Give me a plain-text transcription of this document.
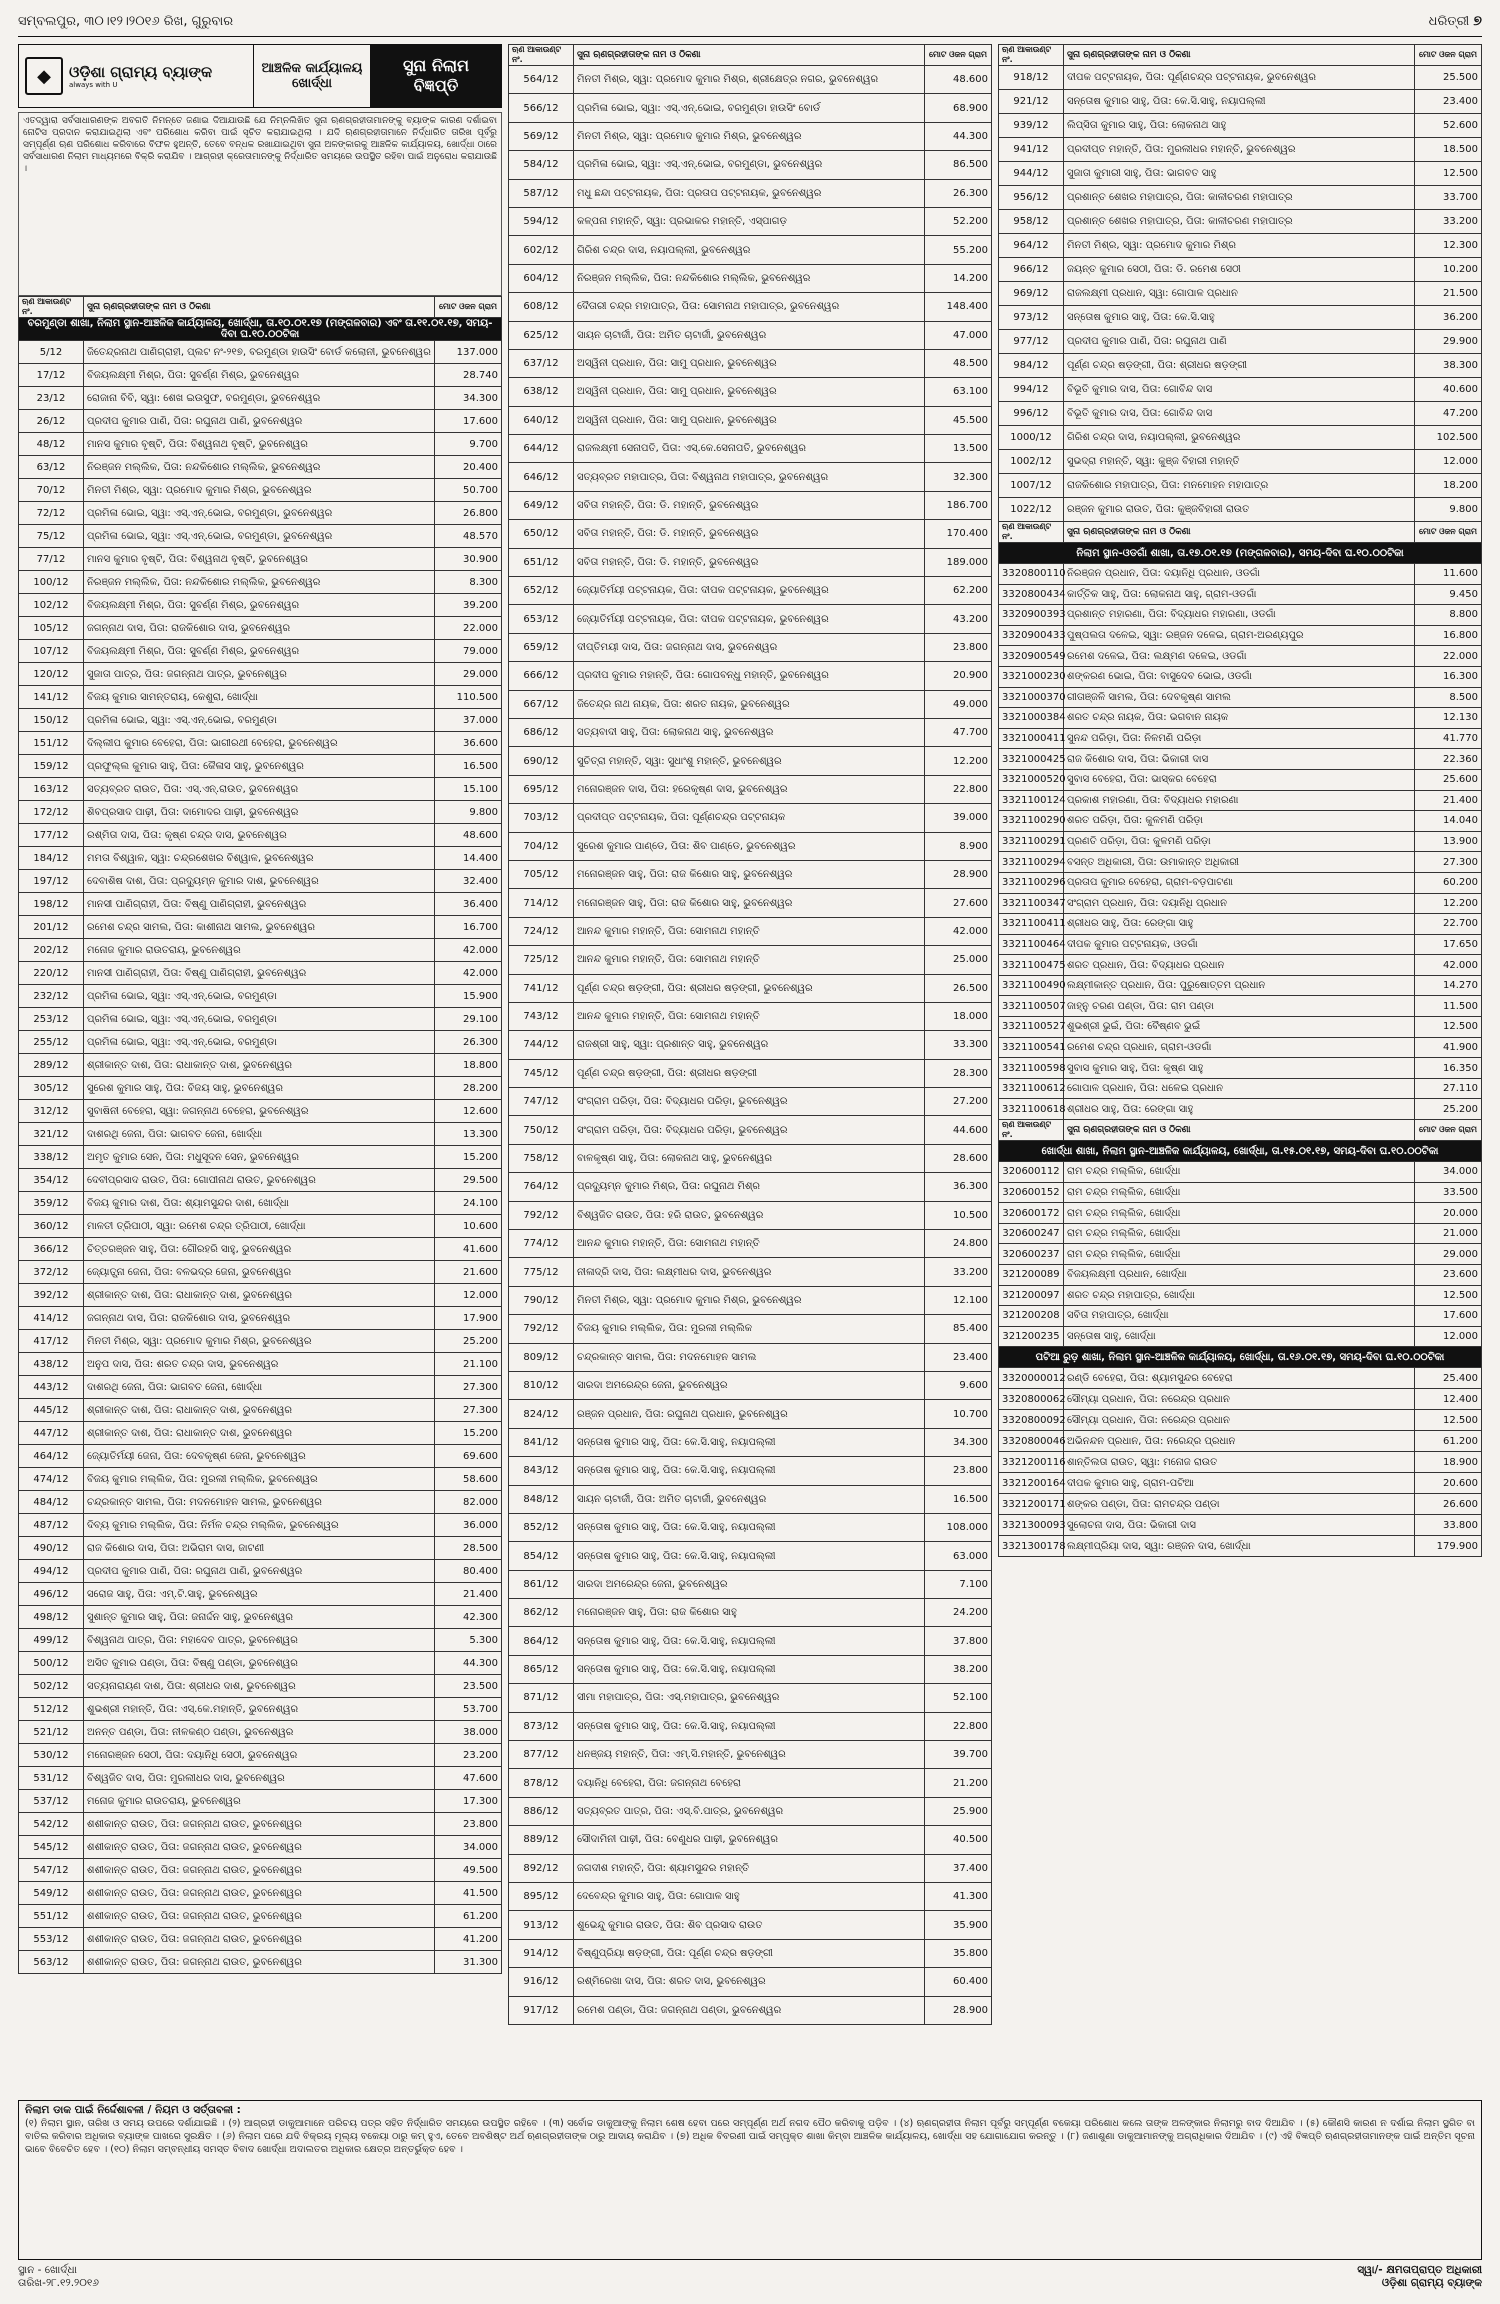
ସମ୍ବଲପୁର, ୩୦।୧୨।୨୦୧୬ ରିଖ, ଗୁରୁବାର	ଧରିତ୍ରୀ ୭
◆	ଓଡ଼ିଶା ଗ୍ରାମ୍ୟ ବ୍ୟାଙ୍କ
always with U
ଆଞ୍ଚଳିକ କାର୍ଯ୍ୟାଳୟ
ଖୋର୍ଦ୍ଧା
ସୁନା ନିଲାମ
ବିଜ୍ଞପ୍ତି
ଏତଦ୍ୱାରା ସର୍ବସାଧାରଣଙ୍କ ଅବଗତି ନିମନ୍ତେ ଜଣାଇ ଦିଆଯାଉଛି ଯେ ନିମ୍ନଲିଖିତ ସୁନା ଋଣଗ୍ରହୀତାମାନଙ୍କୁ ବ୍ୟାଙ୍କ କାରଣ ଦର୍ଶାଇବା ନୋଟିସ ପ୍ରଦାନ କରାଯାଇଥିଲା ଏବଂ ପରିଶୋଧ କରିବା ପାଇଁ ସୂଚିତ କରାଯାଇଥିଲା । ଯଦି ଋଣଗ୍ରହୀତାମାନେ ନିର୍ଦ୍ଧାରିତ ତାରିଖ ପୂର୍ବରୁ ସମ୍ପୂର୍ଣ୍ଣ ଋଣ ପରିଶୋଧ କରିବାରେ ବିଫଳ ହୁଅନ୍ତି, ତେବେ ବନ୍ଧକ ରଖାଯାଇଥିବା ସୁନା ଅଳଙ୍କାରକୁ ଆଞ୍ଚଳିକ କାର୍ଯ୍ୟାଳୟ, ଖୋର୍ଦ୍ଧା ଠାରେ ସର୍ବସାଧାରଣ ନିଲାମ ମାଧ୍ୟମରେ ବିକ୍ରି କରାଯିବ । ଆଗ୍ରହୀ କ୍ରେତାମାନଙ୍କୁ ନିର୍ଦ୍ଧାରିତ ସମୟରେ ଉପସ୍ଥିତ ରହିବା ପାଇଁ ଅନୁରୋଧ କରାଯାଉଛି ।
ଋଣ ଆକାଉଣ୍ଟ ନଂ.	ସୁନା ଋଣଗ୍ରହୀତାଙ୍କ ନାମ ଓ ଠିକଣା	ମୋଟ ଓଜନ ଗ୍ରାମ
ବରମୁଣ୍ଡା ଶାଖା, ନିଲାମ ସ୍ଥାନ-ଆଞ୍ଚଳିକ କାର୍ଯ୍ୟାଳୟ, ଖୋର୍ଦ୍ଧା, ତା.୧୦.୦୧.୧୭ (ମଙ୍ଗଳବାର) ଏବଂ ତା.୧୧.୦୧.୧୭, ସମୟ-ଦିବା ଘ.୧୦.୦୦ଟିକା		
5/12	ଜିତେନ୍ଦ୍ରନାଥ ପାଣିଗ୍ରାହୀ, ପ୍ଲଟ ନଂ-୨୧୭, ବରମୁଣ୍ଡା ହାଉସିଂ ବୋର୍ଡ କଲୋନୀ, ଭୁବନେଶ୍ୱର	137.000
17/12	ବିଜୟଲକ୍ଷ୍ମୀ ମିଶ୍ର, ପିତା: ସୁବର୍ଣ୍ଣ ମିଶ୍ର, ଭୁବନେଶ୍ୱର	28.740
23/12	ରୋଜାନା ବିବି, ସ୍ୱା: ଶେଖ ଇଉସୁଫ, ବରମୁଣ୍ଡା, ଭୁବନେଶ୍ୱର	34.300
26/12	ପ୍ରଦୀପ କୁମାର ପାଣି, ପିତା: ରଘୁନାଥ ପାଣି, ଭୁବନେଶ୍ୱର	17.600
48/12	ମାନସ କୁମାର ବୃଷ୍ଟି, ପିତା: ବିଶ୍ୱନାଥ ବୃଷ୍ଟି, ଭୁବନେଶ୍ୱର	9.700
63/12	ନିରଞ୍ଜନ ମଲ୍ଲିକ, ପିତା: ନନ୍ଦକିଶୋର ମଲ୍ଲିକ, ଭୁବନେଶ୍ୱର	20.400
70/12	ମିନତୀ ମିଶ୍ର, ସ୍ୱା: ପ୍ରମୋଦ କୁମାର ମିଶ୍ର, ଭୁବନେଶ୍ୱର	50.700
72/12	ପ୍ରମିଳା ଭୋଇ, ସ୍ୱା: ଏସ୍.ଏନ୍.ଭୋଇ, ବରମୁଣ୍ଡା, ଭୁବନେଶ୍ୱର	26.800
75/12	ପ୍ରମିଳା ଭୋଇ, ସ୍ୱା: ଏସ୍.ଏନ୍.ଭୋଇ, ବରମୁଣ୍ଡା, ଭୁବନେଶ୍ୱର	48.570
77/12	ମାନସ କୁମାର ବୃଷ୍ଟି, ପିତା: ବିଶ୍ୱନାଥ ବୃଷ୍ଟି, ଭୁବନେଶ୍ୱର	30.900
100/12	ନିରଞ୍ଜନ ମଲ୍ଲିକ, ପିତା: ନନ୍ଦକିଶୋର ମଲ୍ଲିକ, ଭୁବନେଶ୍ୱର	8.300
102/12	ବିଜୟଲକ୍ଷ୍ମୀ ମିଶ୍ର, ପିତା: ସୁବର୍ଣ୍ଣ ମିଶ୍ର, ଭୁବନେଶ୍ୱର	39.200
105/12	ଜଗନ୍ନାଥ ଦାସ, ପିତା: ରାଜକିଶୋର ଦାସ, ଭୁବନେଶ୍ୱର	22.000
107/12	ବିଜୟଲକ୍ଷ୍ମୀ ମିଶ୍ର, ପିତା: ସୁବର୍ଣ୍ଣ ମିଶ୍ର, ଭୁବନେଶ୍ୱର	79.000
120/12	ସୁଜାତା ପାତ୍ର, ପିତା: ଜଗନ୍ନାଥ ପାତ୍ର, ଭୁବନେଶ୍ୱର	29.000
141/12	ବିଜୟ କୁମାର ସାମନ୍ତରାୟ, କେଶୁରା, ଖୋର୍ଦ୍ଧା	110.500
150/12	ପ୍ରମିଳା ଭୋଇ, ସ୍ୱା: ଏସ୍.ଏନ୍.ଭୋଇ, ବରମୁଣ୍ଡା	37.000
151/12	ଦିଲ୍ଲୀପ କୁମାର ବେହେରା, ପିତା: ଭାଗୀରଥୀ ବେହେରା, ଭୁବନେଶ୍ୱର	36.600
159/12	ପ୍ରଫୁଲ୍ଲ କୁମାର ସାହୁ, ପିତା: କୈଳାସ ସାହୁ, ଭୁବନେଶ୍ୱର	16.500
163/12	ସତ୍ୟବ୍ରତ ରାଉତ, ପିତା: ଏସ୍.ଏନ୍.ରାଉତ, ଭୁବନେଶ୍ୱର	15.100
172/12	ଶିବପ୍ରସାଦ ପାଢ଼ୀ, ପିତା: ଦାମୋଦର ପାଢ଼ୀ, ଭୁବନେଶ୍ୱର	9.800
177/12	ରଶ୍ମିତା ଦାସ, ପିତା: କୃଷ୍ଣ ଚନ୍ଦ୍ର ଦାସ, ଭୁବନେଶ୍ୱର	48.600
184/12	ମମତା ବିଶ୍ୱାଳ, ସ୍ୱା: ଚନ୍ଦ୍ରଶେଖର ବିଶ୍ୱାଳ, ଭୁବନେଶ୍ୱର	14.400
197/12	ଦେବାଶିଷ ଦାଶ, ପିତା: ପ୍ରଦ୍ୟୁମ୍ନ କୁମାର ଦାଶ, ଭୁବନେଶ୍ୱର	32.400
198/12	ମାନସୀ ପାଣିଗ୍ରାହୀ, ପିତା: ବିଷ୍ଣୁ ପାଣିଗ୍ରାହୀ, ଭୁବନେଶ୍ୱର	36.400
201/12	ରମେଶ ଚନ୍ଦ୍ର ସାମଲ, ପିତା: କାଶୀନାଥ ସାମଲ, ଭୁବନେଶ୍ୱର	16.700
202/12	ମନୋଜ କୁମାର ରାଉତରାୟ, ଭୁବନେଶ୍ୱର	42.000
220/12	ମାନସୀ ପାଣିଗ୍ରାହୀ, ପିତା: ବିଷ୍ଣୁ ପାଣିଗ୍ରାହୀ, ଭୁବନେଶ୍ୱର	42.000
232/12	ପ୍ରମିଳା ଭୋଇ, ସ୍ୱା: ଏସ୍.ଏନ୍.ଭୋଇ, ବରମୁଣ୍ଡା	15.900
253/12	ପ୍ରମିଳା ଭୋଇ, ସ୍ୱା: ଏସ୍.ଏନ୍.ଭୋଇ, ବରମୁଣ୍ଡା	29.100
255/12	ପ୍ରମିଳା ଭୋଇ, ସ୍ୱା: ଏସ୍.ଏନ୍.ଭୋଇ, ବରମୁଣ୍ଡା	26.300
289/12	ଶ୍ରୀକାନ୍ତ ଦାଶ, ପିତା: ରାଧାକାନ୍ତ ଦାଶ, ଭୁବନେଶ୍ୱର	18.800
305/12	ସୁରେଶ କୁମାର ସାହୁ, ପିତା: ବିଜୟ ସାହୁ, ଭୁବନେଶ୍ୱର	28.200
312/12	ସୁବାଷିନୀ ବେହେରା, ସ୍ୱା: ଜଗନ୍ନାଥ ବେହେରା, ଭୁବନେଶ୍ୱର	12.600
321/12	ଦାଶରଥି ଜେନା, ପିତା: ଭାଗବତ ଜେନା, ଖୋର୍ଦ୍ଧା	13.300
338/12	ଅମୃତ କୁମାର ସେନ, ପିତା: ମଧୁସୂଦନ ସେନ, ଭୁବନେଶ୍ୱର	15.200
354/12	ଦେବୀପ୍ରସାଦ ରାଉତ, ପିତା: ଗୋପୀନାଥ ରାଉତ, ଭୁବନେଶ୍ୱର	29.500
359/12	ବିଜୟ କୁମାର ଦାଶ, ପିତା: ଶ୍ୟାମସୁନ୍ଦର ଦାଶ, ଖୋର୍ଦ୍ଧା	24.100
360/12	ମାଳତୀ ତ୍ରିପାଠୀ, ସ୍ୱା: ରମେଶ ଚନ୍ଦ୍ର ତ୍ରିପାଠୀ, ଖୋର୍ଦ୍ଧା	10.600
366/12	ଚିତ୍ତରଞ୍ଜନ ସାହୁ, ପିତା: ଗୌରହରି ସାହୁ, ଭୁବନେଶ୍ୱର	41.600
372/12	ଜ୍ୟୋତ୍ସ୍ନା ଜେନା, ପିତା: ବଳଭଦ୍ର ଜେନା, ଭୁବନେଶ୍ୱର	21.600
392/12	ଶ୍ରୀକାନ୍ତ ଦାଶ, ପିତା: ରାଧାକାନ୍ତ ଦାଶ, ଭୁବନେଶ୍ୱର	12.000
414/12	ଜଗନ୍ନାଥ ଦାସ, ପିତା: ରାଜକିଶୋର ଦାସ, ଭୁବନେଶ୍ୱର	17.900
417/12	ମିନତୀ ମିଶ୍ର, ସ୍ୱା: ପ୍ରମୋଦ କୁମାର ମିଶ୍ର, ଭୁବନେଶ୍ୱର	25.200
438/12	ଅନୁପ ଦାସ, ପିତା: ଶରତ ଚନ୍ଦ୍ର ଦାସ, ଭୁବନେଶ୍ୱର	21.100
443/12	ଦାଶରଥି ଜେନା, ପିତା: ଭାଗବତ ଜେନା, ଖୋର୍ଦ୍ଧା	27.300
445/12	ଶ୍ରୀକାନ୍ତ ଦାଶ, ପିତା: ରାଧାକାନ୍ତ ଦାଶ, ଭୁବନେଶ୍ୱର	27.300
447/12	ଶ୍ରୀକାନ୍ତ ଦାଶ, ପିତା: ରାଧାକାନ୍ତ ଦାଶ, ଭୁବନେଶ୍ୱର	15.200
464/12	ଜ୍ୟୋତିର୍ମୟୀ ଜେନା, ପିତା: ଦେବକୃଷ୍ଣ ଜେନା, ଭୁବନେଶ୍ୱର	69.600
474/12	ବିଜୟ କୁମାର ମଲ୍ଲିକ, ପିତା: ମୁରଲୀ ମଲ୍ଲିକ, ଭୁବନେଶ୍ୱର	58.600
484/12	ଚନ୍ଦ୍ରକାନ୍ତ ସାମଲ, ପିତା: ମଦନମୋହନ ସାମଲ, ଭୁବନେଶ୍ୱର	82.000
487/12	ଦିବ୍ୟ କୁମାର ମଲ୍ଲିକ, ପିତା: ନିର୍ମଳ ଚନ୍ଦ୍ର ମଲ୍ଲିକ, ଭୁବନେଶ୍ୱର	36.000
490/12	ରାଜ କିଶୋର ଦାସ, ପିତା: ଅଭିରାମ ଦାସ, ଜାଟଣୀ	28.500
494/12	ପ୍ରଦୀପ କୁମାର ପାଣି, ପିତା: ରଘୁନାଥ ପାଣି, ଭୁବନେଶ୍ୱର	80.400
496/12	ସରୋଜ ସାହୁ, ପିତା: ଏମ୍.ଟି.ସାହୁ, ଭୁବନେଶ୍ୱର	21.400
498/12	ସୁଶାନ୍ତ କୁମାର ସାହୁ, ପିତା: ଜନାର୍ଦ୍ଦନ ସାହୁ, ଭୁବନେଶ୍ୱର	42.300
499/12	ବିଶ୍ୱନାଥ ପାତ୍ର, ପିତା: ମହାଦେବ ପାତ୍ର, ଭୁବନେଶ୍ୱର	5.300
500/12	ଅସିତ କୁମାର ପଣ୍ଡା, ପିତା: ବିଷ୍ଣୁ ପଣ୍ଡା, ଭୁବନେଶ୍ୱର	44.300
502/12	ସତ୍ୟନାରାୟଣ ଦାଶ, ପିତା: ଶ୍ରୀଧର ଦାଶ, ଭୁବନେଶ୍ୱର	23.500
512/12	ଶୁଭଶ୍ରୀ ମହାନ୍ତି, ପିତା: ଏସ୍.କେ.ମହାନ୍ତି, ଭୁବନେଶ୍ୱର	53.700
521/12	ଅନନ୍ତ ପଣ୍ଡା, ପିତା: ନୀଳକଣ୍ଠ ପଣ୍ଡା, ଭୁବନେଶ୍ୱର	38.000
530/12	ମନୋରଞ୍ଜନ ସେଠୀ, ପିତା: ଦୟାନିଧି ସେଠୀ, ଭୁବନେଶ୍ୱର	23.200
531/12	ବିଶ୍ୱଜିତ ଦାସ, ପିତା: ମୁରଲୀଧର ଦାସ, ଭୁବନେଶ୍ୱର	47.600
537/12	ମନୋଜ କୁମାର ରାଉତରାୟ, ଭୁବନେଶ୍ୱର	17.300
542/12	ଶଶୀକାନ୍ତ ରାଉତ, ପିତା: ଜଗନ୍ନାଥ ରାଉତ, ଭୁବନେଶ୍ୱର	23.800
545/12	ଶଶୀକାନ୍ତ ରାଉତ, ପିତା: ଜଗନ୍ନାଥ ରାଉତ, ଭୁବନେଶ୍ୱର	34.000
547/12	ଶଶୀକାନ୍ତ ରାଉତ, ପିତା: ଜଗନ୍ନାଥ ରାଉତ, ଭୁବନେଶ୍ୱର	49.500
549/12	ଶଶୀକାନ୍ତ ରାଉତ, ପିତା: ଜଗନ୍ନାଥ ରାଉତ, ଭୁବନେଶ୍ୱର	41.500
551/12	ଶଶୀକାନ୍ତ ରାଉତ, ପିତା: ଜଗନ୍ନାଥ ରାଉତ, ଭୁବନେଶ୍ୱର	61.200
553/12	ଶଶୀକାନ୍ତ ରାଉତ, ପିତା: ଜଗନ୍ନାଥ ରାଉତ, ଭୁବନେଶ୍ୱର	41.200
563/12	ଶଶୀକାନ୍ତ ରାଉତ, ପିତା: ଜଗନ୍ନାଥ ରାଉତ, ଭୁବନେଶ୍ୱର	31.300
ଋଣ ଆକାଉଣ୍ଟ ନଂ.	ସୁନା ଋଣଗ୍ରହୀତାଙ୍କ ନାମ ଓ ଠିକଣା	ମୋଟ ଓଜନ ଗ୍ରାମ
564/12	ମିନତୀ ମିଶ୍ର, ସ୍ୱା: ପ୍ରମୋଦ କୁମାର ମିଶ୍ର, ଶ୍ରୀକ୍ଷେତ୍ର ନଗର, ଭୁବନେଶ୍ୱର	48.600
566/12	ପ୍ରମିଳା ଭୋଇ, ସ୍ୱା: ଏସ୍.ଏନ୍.ଭୋଇ, ବରମୁଣ୍ଡା ହାଉସିଂ ବୋର୍ଡ	68.900
569/12	ମିନତୀ ମିଶ୍ର, ସ୍ୱା: ପ୍ରମୋଦ କୁମାର ମିଶ୍ର, ଭୁବନେଶ୍ୱର	44.300
584/12	ପ୍ରମିଳା ଭୋଇ, ସ୍ୱା: ଏସ୍.ଏନ୍.ଭୋଇ, ବରମୁଣ୍ଡା, ଭୁବନେଶ୍ୱର	86.500
587/12	ମଧୁ ଛନ୍ଦା ପଟ୍ଟନାୟକ, ପିତା: ପ୍ରତାପ ପଟ୍ଟନାୟକ, ଭୁବନେଶ୍ୱର	26.300
594/12	କଳ୍ପନା ମହାନ୍ତି, ସ୍ୱା: ପ୍ରଭାକର ମହାନ୍ତି, ଏସ୍ପାଗଡ଼	52.200
602/12	ଗିରିଶ ଚନ୍ଦ୍ର ଦାସ, ନୟାପଲ୍ଲୀ, ଭୁବନେଶ୍ୱର	55.200
604/12	ନିରଞ୍ଜନ ମଲ୍ଲିକ, ପିତା: ନନ୍ଦକିଶୋର ମଲ୍ଲିକ, ଭୁବନେଶ୍ୱର	14.200
608/12	ଦୈତାରୀ ଚନ୍ଦ୍ର ମହାପାତ୍ର, ପିତା: ସୋମନାଥ ମହାପାତ୍ର, ଭୁବନେଶ୍ୱର	148.400
625/12	ସାୟନ ଚାଟାର୍ଜୀ, ପିତା: ଅମିତ ଚାଟାର୍ଜୀ, ଭୁବନେଶ୍ୱର	47.000
637/12	ଅସ୍ୱିନୀ ପ୍ରଧାନ, ପିତା: ସାମୁ ପ୍ରଧାନ, ଭୁବନେଶ୍ୱର	48.500
638/12	ଅସ୍ୱିନୀ ପ୍ରଧାନ, ପିତା: ସାମୁ ପ୍ରଧାନ, ଭୁବନେଶ୍ୱର	63.100
640/12	ଅସ୍ୱିନୀ ପ୍ରଧାନ, ପିତା: ସାମୁ ପ୍ରଧାନ, ଭୁବନେଶ୍ୱର	45.500
644/12	ରାଜଲକ୍ଷ୍ମୀ ସେନାପତି, ପିତା: ଏସ୍.କେ.ସେନାପତି, ଭୁବନେଶ୍ୱର	13.500
646/12	ସତ୍ୟବ୍ରତ ମହାପାତ୍ର, ପିତା: ବିଶ୍ୱନାଥ ମହାପାତ୍ର, ଭୁବନେଶ୍ୱର	32.300
649/12	ସବିତା ମହାନ୍ତି, ପିତା: ଡି. ମହାନ୍ତି, ଭୁବନେଶ୍ୱର	186.700
650/12	ସବିତା ମହାନ୍ତି, ପିତା: ଡି. ମହାନ୍ତି, ଭୁବନେଶ୍ୱର	170.400
651/12	ସବିତା ମହାନ୍ତି, ପିତା: ଡି. ମହାନ୍ତି, ଭୁବନେଶ୍ୱର	189.000
652/12	ଜ୍ୟୋତିର୍ମୟୀ ପଟ୍ଟନାୟକ, ପିତା: ଦୀପକ ପଟ୍ଟନାୟକ, ଭୁବନେଶ୍ୱର	62.200
653/12	ଜ୍ୟୋତିର୍ମୟୀ ପଟ୍ଟନାୟକ, ପିତା: ଦୀପକ ପଟ୍ଟନାୟକ, ଭୁବନେଶ୍ୱର	43.200
659/12	ଦୀପ୍ତିମୟୀ ଦାସ, ପିତା: ଜଗନ୍ନାଥ ଦାସ, ଭୁବନେଶ୍ୱର	23.800
666/12	ପ୍ରଦୀପ କୁମାର ମହାନ୍ତି, ପିତା: ଗୋପବନ୍ଧୁ ମହାନ୍ତି, ଭୁବନେଶ୍ୱର	20.900
667/12	ଜିତେନ୍ଦ୍ର ନାଥ ନାୟକ, ପିତା: ଶରତ ନାୟକ, ଭୁବନେଶ୍ୱର	49.000
686/12	ସତ୍ୟବାଦୀ ସାହୁ, ପିତା: ଲୋକନାଥ ସାହୁ, ଭୁବନେଶ୍ୱର	47.700
690/12	ସୁଚିତ୍ରା ମହାନ୍ତି, ସ୍ୱା: ସୁଧାଂଶୁ ମହାନ୍ତି, ଭୁବନେଶ୍ୱର	12.200
695/12	ମନୋରଞ୍ଜନ ଦାସ, ପିତା: ହରେକୃଷ୍ଣ ଦାସ, ଭୁବନେଶ୍ୱର	22.800
703/12	ପ୍ରଦୀପ୍ତ ପଟ୍ଟନାୟକ, ପିତା: ପୂର୍ଣ୍ଣଚନ୍ଦ୍ର ପଟ୍ଟନାୟକ	39.000
704/12	ସୁରେଶ କୁମାର ପାଣ୍ଡେ, ପିତା: ଶିବ ପାଣ୍ଡେ, ଭୁବନେଶ୍ୱର	8.900
705/12	ମନୋରଞ୍ଜନ ସାହୁ, ପିତା: ରାଜ କିଶୋର ସାହୁ, ଭୁବନେଶ୍ୱର	28.900
714/12	ମନୋରଞ୍ଜନ ସାହୁ, ପିତା: ରାଜ କିଶୋର ସାହୁ, ଭୁବନେଶ୍ୱର	27.600
724/12	ଆନନ୍ଦ କୁମାର ମହାନ୍ତି, ପିତା: ସୋମନାଥ ମହାନ୍ତି	42.000
725/12	ଆନନ୍ଦ କୁମାର ମହାନ୍ତି, ପିତା: ସୋମନାଥ ମହାନ୍ତି	25.000
741/12	ପୂର୍ଣ୍ଣ ଚନ୍ଦ୍ର ଷଡ଼ଙ୍ଗୀ, ପିତା: ଶ୍ରୀଧର ଷଡ଼ଙ୍ଗୀ, ଭୁବନେଶ୍ୱର	26.500
743/12	ଆନନ୍ଦ କୁମାର ମହାନ୍ତି, ପିତା: ସୋମନାଥ ମହାନ୍ତି	18.000
744/12	ରାଜଶ୍ରୀ ସାହୁ, ସ୍ୱା: ପ୍ରଶାନ୍ତ ସାହୁ, ଭୁବନେଶ୍ୱର	33.300
745/12	ପୂର୍ଣ୍ଣ ଚନ୍ଦ୍ର ଷଡ଼ଙ୍ଗୀ, ପିତା: ଶ୍ରୀଧର ଷଡ଼ଙ୍ଗୀ	28.300
747/12	ସଂଗ୍ରାମ ପରିଡ଼ା, ପିତା: ବିଦ୍ୟାଧର ପରିଡ଼ା, ଭୁବନେଶ୍ୱର	27.200
750/12	ସଂଗ୍ରାମ ପରିଡ଼ା, ପିତା: ବିଦ୍ୟାଧର ପରିଡ଼ା, ଭୁବନେଶ୍ୱର	44.600
758/12	ବାଳକୃଷ୍ଣ ସାହୁ, ପିତା: ଲୋକନାଥ ସାହୁ, ଭୁବନେଶ୍ୱର	28.600
764/12	ପ୍ରଦ୍ୟୁମ୍ନ କୁମାର ମିଶ୍ର, ପିତା: ରଘୁନାଥ ମିଶ୍ର	36.300
792/12	ବିଶ୍ୱଜିତ ରାଉତ, ପିତା: ହରି ରାଉତ, ଭୁବନେଶ୍ୱର	10.500
774/12	ଆନନ୍ଦ କୁମାର ମହାନ୍ତି, ପିତା: ସୋମନାଥ ମହାନ୍ତି	24.800
775/12	ନୀଳାଦ୍ରି ଦାସ, ପିତା: ଲକ୍ଷ୍ମୀଧର ଦାସ, ଭୁବନେଶ୍ୱର	33.200
790/12	ମିନତୀ ମିଶ୍ର, ସ୍ୱା: ପ୍ରମୋଦ କୁମାର ମିଶ୍ର, ଭୁବନେଶ୍ୱର	12.100
792/12	ବିଜୟ କୁମାର ମଲ୍ଲିକ, ପିତା: ମୁରଲୀ ମଲ୍ଲିକ	85.400
809/12	ଚନ୍ଦ୍ରକାନ୍ତ ସାମଲ, ପିତା: ମଦନମୋହନ ସାମଲ	23.400
810/12	ସାରଦା ଅମରେନ୍ଦ୍ର ଜେନା, ଭୁବନେଶ୍ୱର	9.600
824/12	ରଞ୍ଜନ ପ୍ରଧାନ, ପିତା: ରଘୁନାଥ ପ୍ରଧାନ, ଭୁବନେଶ୍ୱର	10.700
841/12	ସନ୍ତୋଷ କୁମାର ସାହୁ, ପିତା: କେ.ସି.ସାହୁ, ନୟାପଲ୍ଲୀ	34.300
843/12	ସନ୍ତୋଷ କୁମାର ସାହୁ, ପିତା: କେ.ସି.ସାହୁ, ନୟାପଲ୍ଲୀ	23.800
848/12	ସାୟନ ଚାଟାର୍ଜୀ, ପିତା: ଅମିତ ଚାଟାର୍ଜୀ, ଭୁବନେଶ୍ୱର	16.500
852/12	ସନ୍ତୋଷ କୁମାର ସାହୁ, ପିତା: କେ.ସି.ସାହୁ, ନୟାପଲ୍ଲୀ	108.000
854/12	ସନ୍ତୋଷ କୁମାର ସାହୁ, ପିତା: କେ.ସି.ସାହୁ, ନୟାପଲ୍ଲୀ	63.000
861/12	ସାରଦା ଅମରେନ୍ଦ୍ର ଜେନା, ଭୁବନେଶ୍ୱର	7.100
862/12	ମନୋରଞ୍ଜନ ସାହୁ, ପିତା: ରାଜ କିଶୋର ସାହୁ	24.200
864/12	ସନ୍ତୋଷ କୁମାର ସାହୁ, ପିତା: କେ.ସି.ସାହୁ, ନୟାପଲ୍ଲୀ	37.800
865/12	ସନ୍ତୋଷ କୁମାର ସାହୁ, ପିତା: କେ.ସି.ସାହୁ, ନୟାପଲ୍ଲୀ	38.200
871/12	ସୀମା ମହାପାତ୍ର, ପିତା: ଏସ୍.ମହାପାତ୍ର, ଭୁବନେଶ୍ୱର	52.100
873/12	ସନ୍ତୋଷ କୁମାର ସାହୁ, ପିତା: କେ.ସି.ସାହୁ, ନୟାପଲ୍ଲୀ	22.800
877/12	ଧନଞ୍ଜୟ ମହାନ୍ତି, ପିତା: ଏମ୍.ସି.ମହାନ୍ତି, ଭୁବନେଶ୍ୱର	39.700
878/12	ଦୟାନିଧି ବେହେରା, ପିତା: ଜଗନ୍ନାଥ ବେହେରା	21.200
886/12	ସତ୍ୟବ୍ରତ ପାତ୍ର, ପିତା: ଏସ୍.ବି.ପାତ୍ର, ଭୁବନେଶ୍ୱର	25.900
889/12	ସୌଦାମିନୀ ପାଢ଼ୀ, ପିତା: ବେଣୁଧର ପାଢ଼ୀ, ଭୁବନେଶ୍ୱର	40.500
892/12	ଜଗଦୀଶ ମହାନ୍ତି, ପିତା: ଶ୍ୟାମସୁନ୍ଦର ମହାନ୍ତି	37.400
895/12	ଦେବେନ୍ଦ୍ର କୁମାର ସାହୁ, ପିତା: ଗୋପାଳ ସାହୁ	41.300
913/12	ଶୁଭେନ୍ଦୁ କୁମାର ରାଉତ, ପିତା: ଶିବ ପ୍ରସାଦ ରାଉତ	35.900
914/12	ବିଷ୍ଣୁପ୍ରିୟା ଷଡ଼ଙ୍ଗୀ, ପିତା: ପୂର୍ଣ୍ଣ ଚନ୍ଦ୍ର ଷଡ଼ଙ୍ଗୀ	35.800
916/12	ରଶ୍ମିରେଖା ଦାସ, ପିତା: ଶରତ ଦାସ, ଭୁବନେଶ୍ୱର	60.400
917/12	ରମେଶ ପଣ୍ଡା, ପିତା: ଜଗନ୍ନାଥ ପଣ୍ଡା, ଭୁବନେଶ୍ୱର	28.900
ଋଣ ଆକାଉଣ୍ଟ ନଂ.	ସୁନା ଋଣଗ୍ରହୀତାଙ୍କ ନାମ ଓ ଠିକଣା	ମୋଟ ଓଜନ ଗ୍ରାମ
918/12	ଦୀପକ ପଟ୍ଟନାୟକ, ପିତା: ପୂର୍ଣ୍ଣଚନ୍ଦ୍ର ପଟ୍ଟନାୟକ, ଭୁବନେଶ୍ୱର	25.500
921/12	ସନ୍ତୋଷ କୁମାର ସାହୁ, ପିତା: କେ.ସି.ସାହୁ, ନୟାପଲ୍ଲୀ	23.400
939/12	ଲିପ୍ସିତା କୁମାର ସାହୁ, ପିତା: ଲୋକନାଥ ସାହୁ	52.600
941/12	ପ୍ରଦୀପ୍ତ ମହାନ୍ତି, ପିତା: ମୁରଲୀଧର ମହାନ୍ତି, ଭୁବନେଶ୍ୱର	18.500
944/12	ସୁଜାତା କୁମାରୀ ସାହୁ, ପିତା: ଭାଗବତ ସାହୁ	12.500
956/12	ପ୍ରଶାନ୍ତ ଶେଖର ମହାପାତ୍ର, ପିତା: କାଳୀଚରଣ ମହାପାତ୍ର	33.700
958/12	ପ୍ରଶାନ୍ତ ଶେଖର ମହାପାତ୍ର, ପିତା: କାଳୀଚରଣ ମହାପାତ୍ର	33.200
964/12	ମିନତୀ ମିଶ୍ର, ସ୍ୱା: ପ୍ରମୋଦ କୁମାର ମିଶ୍ର	12.300
966/12	ଜୟନ୍ତ କୁମାର ସେଠୀ, ପିତା: ଡି. ରମେଶ ସେଠୀ	10.200
969/12	ରାଜଲକ୍ଷ୍ମୀ ପ୍ରଧାନ, ସ୍ୱା: ଗୋପାଳ ପ୍ରଧାନ	21.500
973/12	ସନ୍ତୋଷ କୁମାର ସାହୁ, ପିତା: କେ.ସି.ସାହୁ	36.200
977/12	ପ୍ରଦୀପ କୁମାର ପାଣି, ପିତା: ରଘୁନାଥ ପାଣି	29.900
984/12	ପୂର୍ଣ୍ଣ ଚନ୍ଦ୍ର ଷଡ଼ଙ୍ଗୀ, ପିତା: ଶ୍ରୀଧର ଷଡ଼ଙ୍ଗୀ	38.300
994/12	ବିଭୂତି କୁମାର ଦାସ, ପିତା: ଗୋବିନ୍ଦ ଦାସ	40.600
996/12	ବିଭୂତି କୁମାର ଦାସ, ପିତା: ଗୋବିନ୍ଦ ଦାସ	47.200
1000/12	ଗିରିଶ ଚନ୍ଦ୍ର ଦାସ, ନୟାପଲ୍ଲୀ, ଭୁବନେଶ୍ୱର	102.500
1002/12	ସୁଭଦ୍ରା ମହାନ୍ତି, ସ୍ୱା: କୁଞ୍ଜ ବିହାରୀ ମହାନ୍ତି	12.000
1007/12	ରାଜକିଶୋର ମହାପାତ୍ର, ପିତା: ମନମୋହନ ମହାପାତ୍ର	18.200
1022/12	ରଞ୍ଜନ କୁମାର ରାଉତ, ପିତା: କୁଞ୍ଜବିହାରୀ ରାଉତ	9.800
ଋଣ ଆକାଉଣ୍ଟ ନଂ.	ସୁନା ଋଣଗ୍ରହୀତାଙ୍କ ନାମ ଓ ଠିକଣା	ମୋଟ ଓଜନ ଗ୍ରାମ
ନିଲାମ ସ୍ଥାନ-ଓଡଗାଁ ଶାଖା, ତା.୧୭.୦୧.୧୭ (ମଙ୍ଗଳବାର), ସମୟ-ଦିବା ଘ.୧୦.୦୦ଟିକା		
3320800110	ନିରଞ୍ଜନ ପ୍ରଧାନ, ପିତା: ଦୟାନିଧି ପ୍ରଧାନ, ଓଡଗାଁ	11.600
3320800434	କାର୍ତ୍ତିକ ସାହୁ, ପିତା: ଲୋକନାଥ ସାହୁ, ଗ୍ରାମ-ଓଡଗାଁ	9.450
3320900393	ପ୍ରଶାନ୍ତ ମହାରଣା, ପିତା: ବିଦ୍ୟାଧର ମହାରଣା, ଓଡଗାଁ	8.800
3320900433	ପୁଷ୍ପଲତା ଦଳେଇ, ସ୍ୱା: ରଞ୍ଜନ ଦଳେଇ, ଗ୍ରାମ-ଅରଣ୍ୟପୁର	16.800
3320900549	ରମେଶ ଦଳେଇ, ପିତା: ଲକ୍ଷ୍ମଣ ଦଳେଇ, ଓଡଗାଁ	22.000
3321000230	ଶଙ୍କରଣ ଭୋଇ, ପିତା: ବାସୁଦେବ ଭୋଇ, ଓଡଗାଁ	16.300
3321000370	ଗୀତାଞ୍ଜଳି ସାମଲ, ପିତା: ଦେବକୃଷ୍ଣ ସାମଲ	8.500
3321000384	ଶରତ ଚନ୍ଦ୍ର ନାୟକ, ପିତା: ଭଗବାନ ନାୟକ	12.130
3321000411	ସୁନନ୍ଦ ପରିଡ଼ା, ପିତା: ନିଳମଣି ପରିଡ଼ା	41.770
3321000425	ରାଜ କିଶୋର ଦାସ, ପିତା: ଭିକାରୀ ଦାସ	22.360
3321000520	ସୁବାସ ବେହେରା, ପିତା: ଭାସ୍କର ବେହେରା	25.600
3321100124	ପ୍ରକାଶ ମହାରଣା, ପିତା: ବିଦ୍ୟାଧର ମହାରଣା	21.400
3321100290	ଶରତ ପରିଡ଼ା, ପିତା: କୁଳମଣି ପରିଡ଼ା	14.040
3321100291	ପ୍ରଣତି ପରିଡ଼ା, ପିତା: କୁଳମଣି ପରିଡ଼ା	13.900
3321100294	ବସନ୍ତ ଅଧିକାରୀ, ପିତା: ଉମାକାନ୍ତ ଅଧିକାରୀ	27.300
3321100296	ପ୍ରତାପ କୁମାର ବେହେରା, ଗ୍ରାମ-ବଡ଼ପାଟଣା	60.200
3321100347	ସଂଗ୍ରାମ ପ୍ରଧାନ, ପିତା: ଦୟାନିଧି ପ୍ରଧାନ	12.200
3321100411	ଶ୍ରୀଧର ସାହୁ, ପିତା: ରେଙ୍ଗା ସାହୁ	22.700
3321100464	ଦୀପକ କୁମାର ପଟ୍ଟନାୟକ, ଓଡଗାଁ	17.650
3321100475	ଶରତ ପ୍ରଧାନ, ପିତା: ବିଦ୍ୟାଧର ପ୍ରଧାନ	42.000
3321100490	ଲକ୍ଷ୍ମୀକାନ୍ତ ପ୍ରଧାନ, ପିତା: ପୁରୁଷୋତ୍ତମ ପ୍ରଧାନ	14.270
3321100507	ଜାହ୍ନୁ ଚରଣ ପଣ୍ଡା, ପିତା: ରାମ ପଣ୍ଡା	11.500
3321100527	ଶୁଭଶ୍ରୀ ଭୁଇଁ, ପିତା: ବୈଷ୍ଣବ ଭୁଇଁ	12.500
3321100541	ରମେଶ ଚନ୍ଦ୍ର ପ୍ରଧାନ, ଗ୍ରାମ-ଓଡଗାଁ	41.900
3321100598	ସୁବାସ କୁମାର ସାହୁ, ପିତା: କୃଷ୍ଣ ସାହୁ	16.350
3321100612	ଗୋପାଳ ପ୍ରଧାନ, ପିତା: ଧଳେଇ ପ୍ରଧାନ	27.110
3321100618	ଶ୍ରୀଧର ସାହୁ, ପିତା: ରେଙ୍ଗା ସାହୁ	25.200
ଋଣ ଆକାଉଣ୍ଟ ନଂ.	ସୁନା ଋଣଗ୍ରହୀତାଙ୍କ ନାମ ଓ ଠିକଣା	ମୋଟ ଓଜନ ଗ୍ରାମ
ଖୋର୍ଦ୍ଧା ଶାଖା, ନିଲାମ ସ୍ଥାନ-ଆଞ୍ଚଳିକ କାର୍ଯ୍ୟାଳୟ, ଖୋର୍ଦ୍ଧା, ତା.୧୫.୦୧.୧୭, ସମୟ-ଦିବା ଘ.୧୦.୦୦ଟିକା		
320600112	ରାମ ଚନ୍ଦ୍ର ମଲ୍ଲିକ, ଖୋର୍ଦ୍ଧା	34.000
320600152	ରାମ ଚନ୍ଦ୍ର ମଲ୍ଲିକ, ଖୋର୍ଦ୍ଧା	33.500
320600172	ରାମ ଚନ୍ଦ୍ର ମଲ୍ଲିକ, ଖୋର୍ଦ୍ଧା	20.000
320600247	ରାମ ଚନ୍ଦ୍ର ମଲ୍ଲିକ, ଖୋର୍ଦ୍ଧା	21.000
320600237	ରାମ ଚନ୍ଦ୍ର ମଲ୍ଲିକ, ଖୋର୍ଦ୍ଧା	29.000
321200089	ବିଜୟଲକ୍ଷ୍ମୀ ପ୍ରଧାନ, ଖୋର୍ଦ୍ଧା	23.600
321200097	ଶରତ ଚନ୍ଦ୍ର ମହାପାତ୍ର, ଖୋର୍ଦ୍ଧା	12.500
321200208	ସବିତା ମହାପାତ୍ର, ଖୋର୍ଦ୍ଧା	17.600
321200235	ସନ୍ତୋଷ ସାହୁ, ଖୋର୍ଦ୍ଧା	12.000
ପଟିଆ ରୁଡ଼ ଶାଖା, ନିଲାମ ସ୍ଥାନ-ଆଞ୍ଚଳିକ କାର୍ଯ୍ୟାଳୟ, ଖୋର୍ଦ୍ଧା, ତା.୧୬.୦୧.୧୭, ସମୟ-ଦିବା ଘ.୧୦.୦୦ଟିକା		
3320000012	ରଣ୍ଡି ବେହେରା, ପିତା: ଶ୍ୟାମସୁନ୍ଦର ବେହେରା	25.400
3320800062	ସୌମ୍ୟା ପ୍ରଧାନ, ପିତା: ନରେନ୍ଦ୍ର ପ୍ରଧାନ	12.400
3320800092	ସୌମ୍ୟା ପ୍ରଧାନ, ପିତା: ନରେନ୍ଦ୍ର ପ୍ରଧାନ	12.500
3320800046	ଅଭିନନ୍ଦନ ପ୍ରଧାନ, ପିତା: ନରେନ୍ଦ୍ର ପ୍ରଧାନ	61.200
3321200116	ଶାନ୍ତିଲତା ରାଉତ, ସ୍ୱା: ମନୋଜ ରାଉତ	18.900
3321200164	ଦୀପକ କୁମାର ସାହୁ, ଗ୍ରାମ-ପଟିଆ	20.600
3321200171	ଶଙ୍କର ପଣ୍ଡା, ପିତା: ରାମଚନ୍ଦ୍ର ପଣ୍ଡା	26.600
3321300093	ସୁଲୋଚନା ଦାସ, ପିତା: ଭିକାରୀ ଦାସ	33.800
3321300178	ଲକ୍ଷ୍ମୀପ୍ରିୟା ଦାସ, ସ୍ୱା: ରଞ୍ଜନ ଦାସ, ଖୋର୍ଦ୍ଧା	179.900
ନିଲାମ ଡାକ ପାଇଁ ନିର୍ଦ୍ଦେଶାବଳୀ / ନିୟମ ଓ ସର୍ତ୍ତାବଳୀ :
(୧) ନିଲାମ ସ୍ଥାନ, ତାରିଖ ଓ ସମୟ ଉପରେ ଦର୍ଶାଯାଇଛି । (୨) ଆଗ୍ରହୀ ଡାକୁଆମାନେ ପରିଚୟ ପତ୍ର ସହିତ ନିର୍ଦ୍ଧାରିତ ସମୟରେ ଉପସ୍ଥିତ ରହିବେ । (୩) ସର୍ବୋଚ୍ଚ ଡାକୁଆଙ୍କୁ ନିଲାମ ଶେଷ ହେବା ପରେ ସମ୍ପୂର୍ଣ୍ଣ ଅର୍ଥ ନଗଦ ପୈଠ କରିବାକୁ ପଡ଼ିବ । (୪) ଋଣଗ୍ରହୀତା ନିଲାମ ପୂର୍ବରୁ ସମ୍ପୂର୍ଣ୍ଣ ବକେୟା ପରିଶୋଧ କଲେ ତାଙ୍କ ଅଳଙ୍କାର ନିଲାମରୁ ବାଦ ଦିଆଯିବ । (୫) କୌଣସି କାରଣ ନ ଦର୍ଶାଇ ନିଲାମ ସ୍ଥଗିତ ବା ବାତିଲ କରିବାର ଅଧିକାର ବ୍ୟାଙ୍କ ପାଖରେ ସୁରକ୍ଷିତ । (୬) ନିଲାମ ପରେ ଯଦି ବିକ୍ରୟ ମୂଲ୍ୟ ବକେୟା ଠାରୁ କମ୍ ହୁଏ, ତେବେ ଅବଶିଷ୍ଟ ଅର୍ଥ ଋଣଗ୍ରହୀତାଙ୍କ ଠାରୁ ଆଦାୟ କରାଯିବ । (୭) ଅଧିକ ବିବରଣୀ ପାଇଁ ସମ୍ପୃକ୍ତ ଶାଖା କିମ୍ବା ଆଞ୍ଚଳିକ କାର୍ଯ୍ୟାଳୟ, ଖୋର୍ଦ୍ଧା ସହ ଯୋଗାଯୋଗ କରନ୍ତୁ । (୮) ଜଣାଶୁଣା ଡାକୁଆମାନଙ୍କୁ ଅଗ୍ରାଧିକାର ଦିଆଯିବ । (୯) ଏହି ବିଜ୍ଞପ୍ତି ଋଣଗ୍ରହୀତାମାନଙ୍କ ପାଇଁ ଅନ୍ତିମ ସୂଚନା ଭାବେ ବିବେଚିତ ହେବ । (୧୦) ନିଲାମ ସମ୍ବନ୍ଧୀୟ ସମସ୍ତ ବିବାଦ ଖୋର୍ଦ୍ଧା ଅଦାଲତର ଅଧିକାର କ୍ଷେତ୍ର ଅନ୍ତର୍ଭୁକ୍ତ ହେବ ।
ସ୍ଥାନ - ଖୋର୍ଦ୍ଧା
ତାରିଖ-୨୮.୧୨.୨୦୧୬
ସ୍ୱା/- କ୍ଷମତାପ୍ରାପ୍ତ ଅଧିକାରୀ
ଓଡ଼ିଶା ଗ୍ରାମ୍ୟ ବ୍ୟାଙ୍କ
